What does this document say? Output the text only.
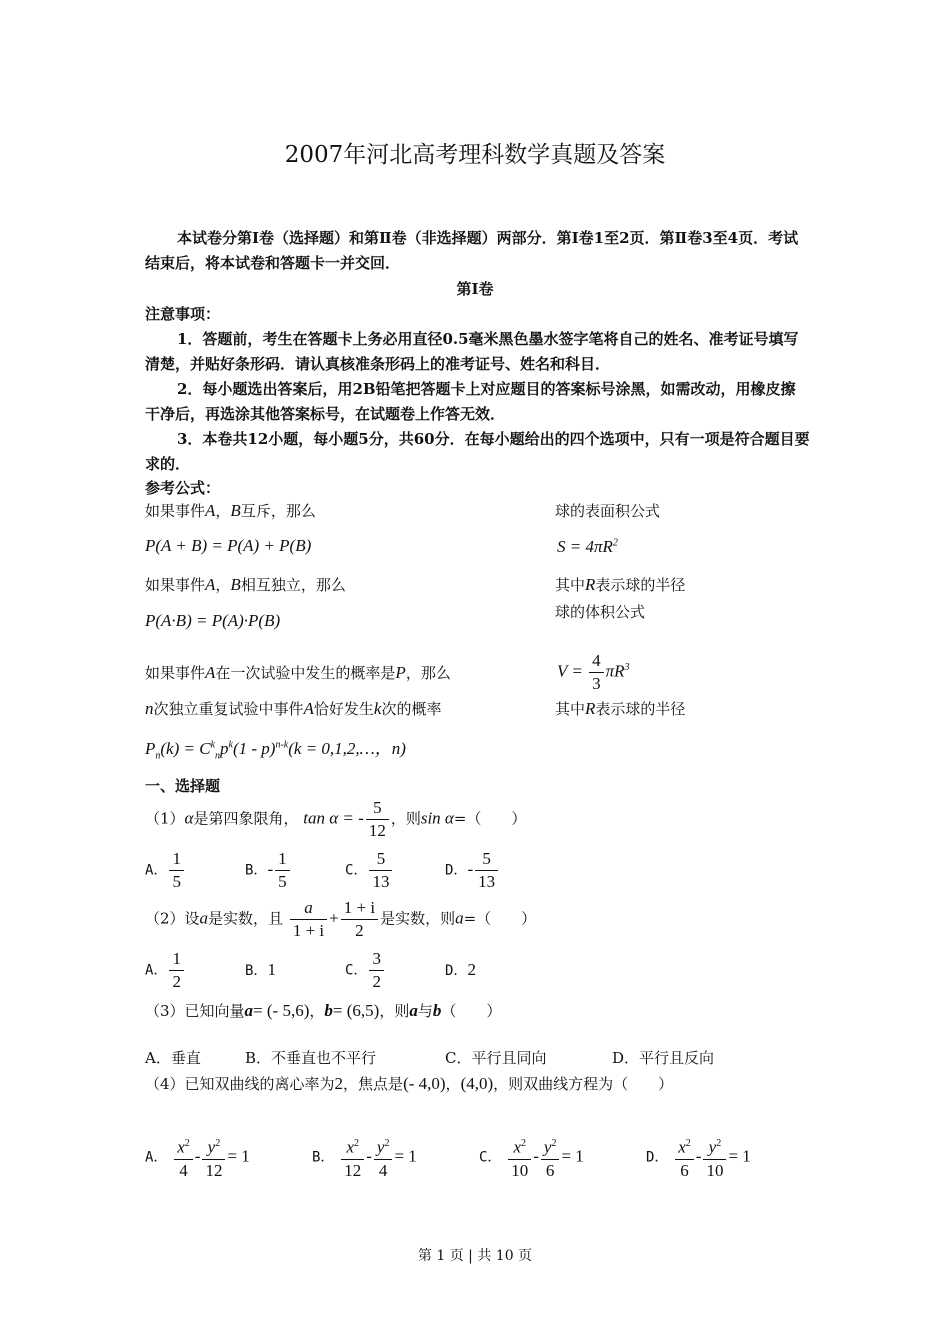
2007年河北高考理科数学真题及答案
本试卷分第Ⅰ卷（选择题）和第Ⅱ卷（非选择题）两部分．第Ⅰ卷1至2页．第Ⅱ卷3至4页．考试结束后，将本试卷和答题卡一并交回．
第Ⅰ卷
注意事项：
1．答题前，考生在答题卡上务必用直径0.5毫米黑色墨水签字笔将自己的姓名、准考证号填写清楚，并贴好条形码．请认真核准条形码上的准考证号、姓名和科目．
2．每小题选出答案后，用2B铅笔把答题卡上对应题目的答案标号涂黑，如需改动，用橡皮擦干净后，再选涂其他答案标号，在试题卷上作答无效．
3．本卷共12小题，每小题5分，共60分．在每小题给出的四个选项中，只有一项是符合题目要求的．
参考公式：
如果事件A，B互斥，那么
P(A + B) = P(A) + P(B)
如果事件A，B相互独立，那么
P(A·B) = P(A)·P(B)
如果事件A在一次试验中发生的概率是P，那么
n次独立重复试验中事件A恰好发生k次的概率
$P_n(k) = C^k_np^k(1 - p)^{n-k}(k$ = 0,1,2,…，n)
球的表面积公式
$S = 4\pi R^2$
其中R表示球的半径
球的体积公式
$V = \frac{4}{3} \pi R^3$
其中R表示球的半径
一、选择题
（1）α是第四象限角， tan α = - $\frac{5}{12}$ ，则sin α=（　　）
A． $\frac{1}{5}$	B．- $\frac{1}{5}$	C． $\frac{5}{13}$	D．- $\frac{5}{13}$
（2）设a是实数，且 $\frac{a}{1 + i} + \frac{1 + i}{2}$ 是实数，则a=（　　）
A． $\frac{1}{2}$	B．1	C． $\frac{3}{2}$	D．2
（3）已知向量a= (- 5,6)，b= (6,5)，则a与b（　　）
A．垂直	B．不垂直也不平行	C．平行且同向	D．平行且反向
（4）已知双曲线的离心率为2，焦点是(- 4,0)，(4,0)，则双曲线方程为（　　）
A． $\frac{x^2}{4} - \frac{y^2}{12} = 1$	B． $\frac{x^2}{12} - \frac{y^2}{4} = 1$	C． $\frac{x^2}{10} - \frac{y^2}{6} = 1$	D． $\frac{x^2}{6} - \frac{y^2}{10} = 1$
第 1 页 | 共 10 页
